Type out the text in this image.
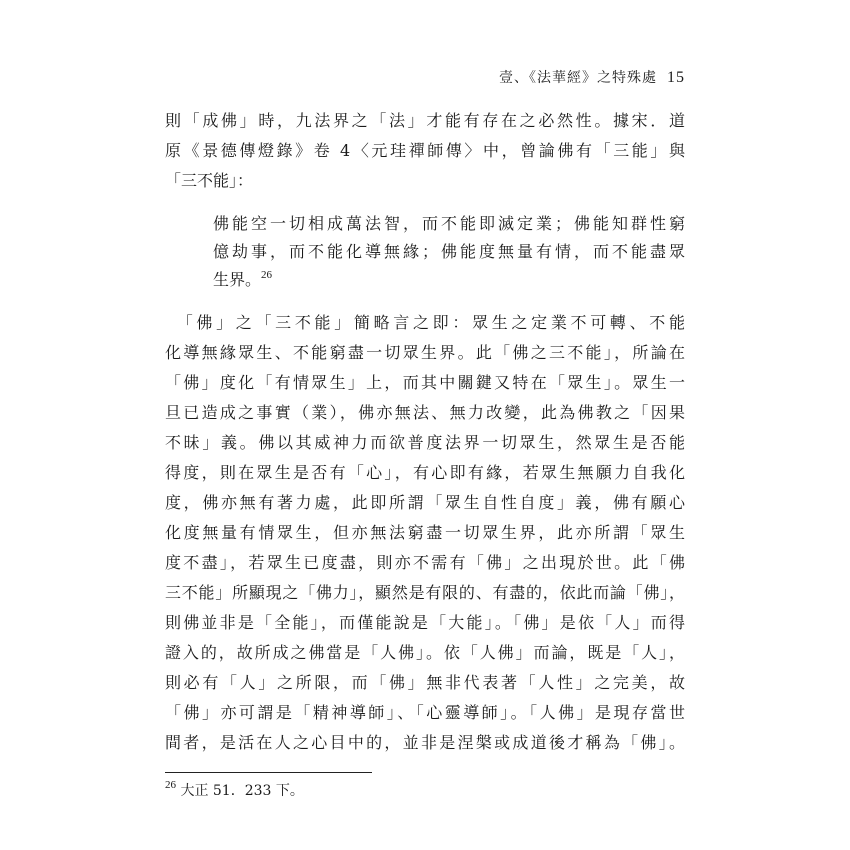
壹、《法華經》之特殊處 15
則「成佛」時，九法界之「法」才能有存在之必然性。據宋．道
原《景德傳燈錄》卷 4〈元珪禪師傳〉中，曾論佛有「三能」與
「三不能」：
佛能空一切相成萬法智，而不能即滅定業；佛能知群性窮
億劫事，而不能化導無緣；佛能度無量有情，而不能盡眾
生界。$^{26}$
　「佛」之「三不能」簡略言之即：眾生之定業不可轉、不能
化導無緣眾生、不能窮盡一切眾生界。此「佛之三不能」，所論在
「佛」度化「有情眾生」上，而其中關鍵又特在「眾生」。眾生一
旦已造成之事實（業），佛亦無法、無力改變，此為佛教之「因果
不昧」義。佛以其威神力而欲普度法界一切眾生，然眾生是否能
得度，則在眾生是否有「心」，有心即有緣，若眾生無願力自我化
度，佛亦無有著力處，此即所謂「眾生自性自度」義，佛有願心
化度無量有情眾生，但亦無法窮盡一切眾生界，此亦所謂「眾生
度不盡」，若眾生已度盡，則亦不需有「佛」之出現於世。此「佛
三不能」所顯現之「佛力」，顯然是有限的、有盡的，依此而論「佛」，
則佛並非是「全能」，而僅能說是「大能」。「佛」是依「人」而得
證入的，故所成之佛當是「人佛」。依「人佛」而論，既是「人」，
則必有「人」之所限，而「佛」無非代表著「人性」之完美，故
「佛」亦可謂是「精神導師」、「心靈導師」。「人佛」是現存當世
間者，是活在人之心目中的，並非是涅槃或成道後才稱為「佛」。
$^{26}$ 大正 51．233 下。
